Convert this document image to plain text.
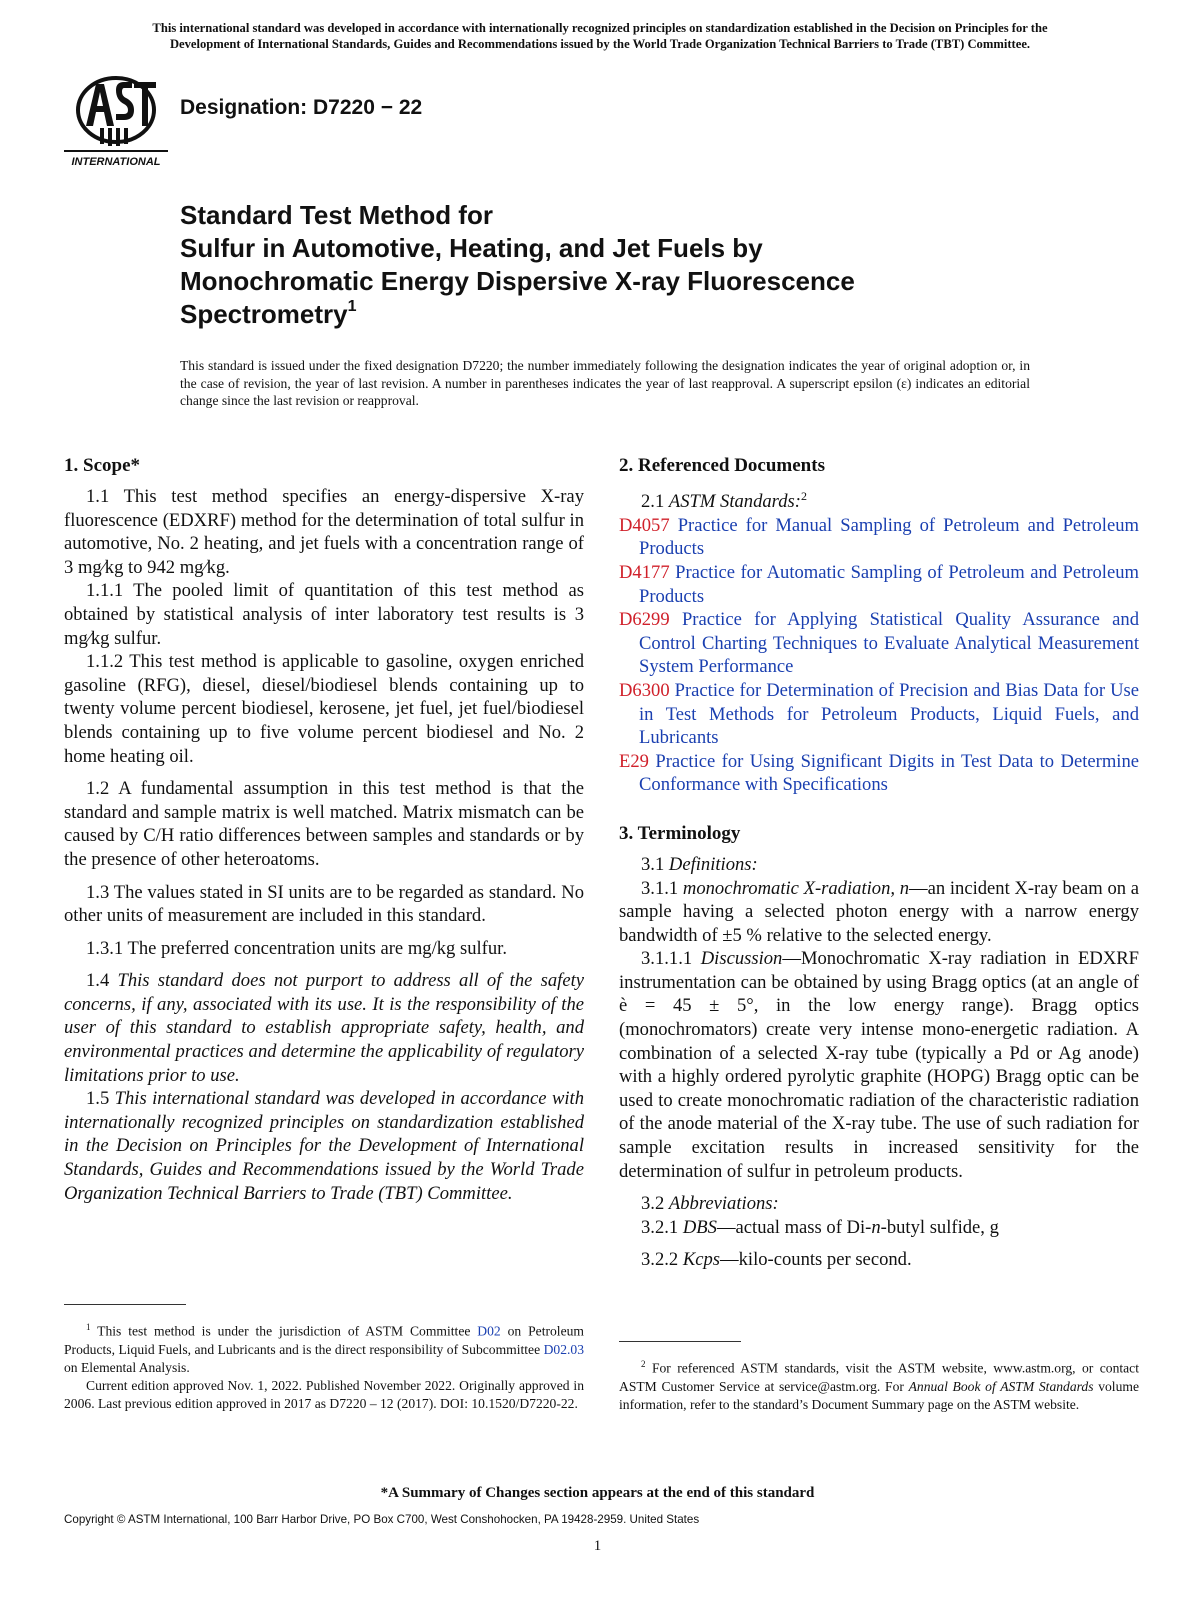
This international standard was developed in accordance with internationally recognized principles on standardization established in the Decision on Principles for the
Development of International Standards, Guides and Recommendations issued by the World Trade Organization Technical Barriers to Trade (TBT) Committee.
INTERNATIONAL
Designation: D7220 − 22
Standard Test Method for
Sulfur in Automotive, Heating, and Jet Fuels by
Monochromatic Energy Dispersive X-ray Fluorescence
Spectrometry$^1$

This standard is issued under the fixed designation D7220; the number immediately following the designation indicates the year of original adoption or, in the case of revision, the year of last revision. A number in parentheses indicates the year of last reapproval. A superscript epsilon (ε) indicates an editorial change since the last revision or reapproval.

1. Scope*

1.1 This test method specifies an energy-dispersive X-ray fluorescence (EDXRF) method for the determination of total sulfur in automotive, No. 2 heating, and jet fuels with a concentration range of 3 mg⁄kg to 942 mg⁄kg.

1.1.1 The pooled limit of quantitation of this test method as obtained by statistical analysis of inter laboratory test results is 3 mg⁄kg sulfur.

1.1.2 This test method is applicable to gasoline, oxygen enriched gasoline (RFG), diesel, diesel/biodiesel blends containing up to twenty volume percent biodiesel, kerosene, jet fuel, jet fuel/biodiesel blends containing up to five volume percent biodiesel and No. 2 home heating oil.

1.2 A fundamental assumption in this test method is that the standard and sample matrix is well matched. Matrix mismatch can be caused by C/H ratio differences between samples and standards or by the presence of other heteroatoms.

1.3 The values stated in SI units are to be regarded as standard. No other units of measurement are included in this standard.

1.3.1 The preferred concentration units are mg/kg sulfur.

1.4 This standard does not purport to address all of the safety concerns, if any, associated with its use. It is the responsibility of the user of this standard to establish appropriate safety, health, and environmental practices and determine the applicability of regulatory limitations prior to use.

1.5 This international standard was developed in accordance with internationally recognized principles on standardization established in the Decision on Principles for the Development of International Standards, Guides and Recommendations issued by the World Trade Organization Technical Barriers to Trade (TBT) Committee.

2. Referenced Documents

2.1 ASTM Standards:$^2$

D4057 Practice for Manual Sampling of Petroleum and Petroleum Products

D4177 Practice for Automatic Sampling of Petroleum and Petroleum Products

D6299 Practice for Applying Statistical Quality Assurance and Control Charting Techniques to Evaluate Analytical Measurement System Performance

D6300 Practice for Determination of Precision and Bias Data for Use in Test Methods for Petroleum Products, Liquid Fuels, and Lubricants

E29 Practice for Using Significant Digits in Test Data to Determine Conformance with Specifications

3. Terminology

3.1 Definitions:

3.1.1 monochromatic X-radiation, n—an incident X-ray beam on a sample having a selected photon energy with a narrow energy bandwidth of ±5 % relative to the selected energy.

3.1.1.1 Discussion—Monochromatic X-ray radiation in EDXRF instrumentation can be obtained by using Bragg optics (at an angle of è = 45 ± 5°, in the low energy range). Bragg optics (monochromators) create very intense mono-energetic radiation. A combination of a selected X-ray tube (typically a Pd or Ag anode) with a highly ordered pyrolytic graphite (HOPG) Bragg optic can be used to create monochromatic radiation of the characteristic radiation of the anode material of the X-ray tube. The use of such radiation for sample excitation results in increased sensitivity for the determination of sulfur in petroleum products.

3.2 Abbreviations:

3.2.1 DBS—actual mass of Di-n-butyl sulfide, g

3.2.2 Kcps—kilo-counts per second.

$^1$ This test method is under the jurisdiction of ASTM Committee D02 on Petroleum Products, Liquid Fuels, and Lubricants and is the direct responsibility of Subcommittee D02.03 on Elemental Analysis.

Current edition approved Nov. 1, 2022. Published November 2022. Originally approved in 2006. Last previous edition approved in 2017 as D7220 – 12 (2017). DOI: 10.1520/D7220-22.

$^2$ For referenced ASTM standards, visit the ASTM website, www.astm.org, or contact ASTM Customer Service at service@astm.org. For Annual Book of ASTM Standards volume information, refer to the standard’s Document Summary page on the ASTM website.

*A Summary of Changes section appears at the end of this standard
Copyright © ASTM International, 100 Barr Harbor Drive, PO Box C700, West Conshohocken, PA 19428-2959. United States
1
